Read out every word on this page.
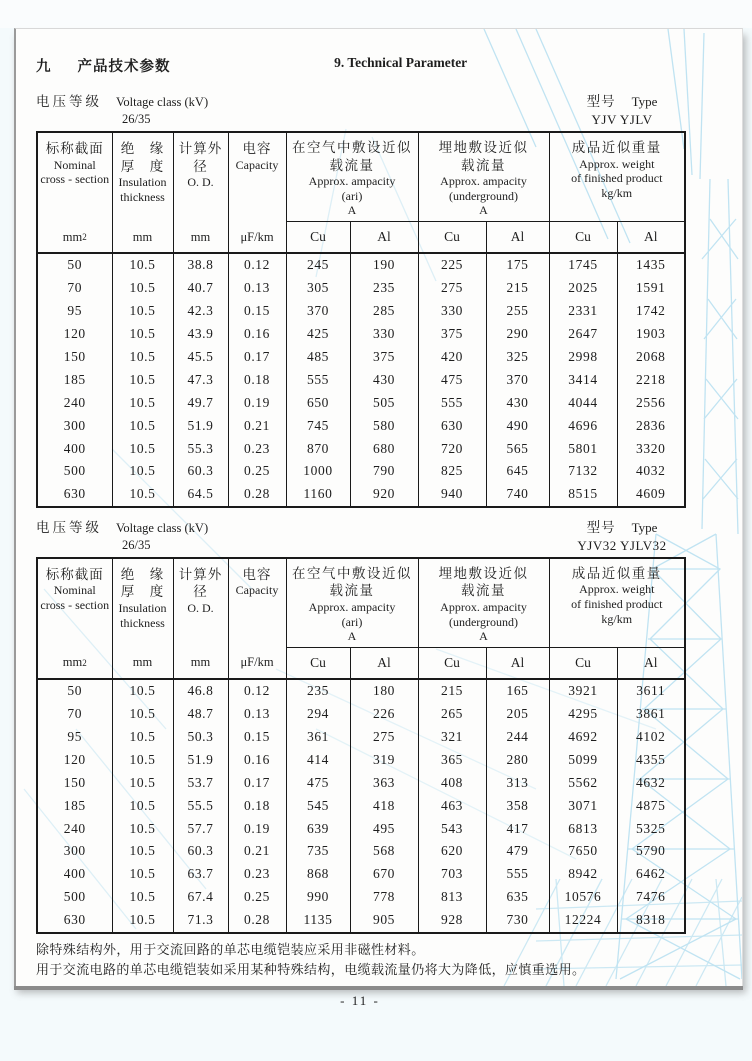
九 产品技术参数	9. Technical Parameter
电压等级 Voltage class (kV)
26/35
型号 Type
YJV YJLV
标称截面
Nominal
cross - section
mm 2

绝　缘
厚　度
Insulation
thickness
mm

计算外径
O. D.
mm

电容
Capacity
μF/km

在空气中敷设近似
载流量
Approx. ampacity
(ari)
A

埋地敷设近似
载流量
Approx. ampacity
(underground)
A

成品近似重量
Approx. weight
of finished product
kg/km

				Cu	Al	Cu	Al	Cu	Al
50	10.5	38.8	0.12	245	190	225	175	1745	1435
70	10.5	40.7	0.13	305	235	275	215	2025	1591
95	10.5	42.3	0.15	370	285	330	255	2331	1742
120	10.5	43.9	0.16	425	330	375	290	2647	1903
150	10.5	45.5	0.17	485	375	420	325	2998	2068
185	10.5	47.3	0.18	555	430	475	370	3414	2218
240	10.5	49.7	0.19	650	505	555	430	4044	2556
300	10.5	51.9	0.21	745	580	630	490	4696	2836
400	10.5	55.3	0.23	870	680	720	565	5801	3320
500	10.5	60.3	0.25	1000	790	825	645	7132	4032
630	10.5	64.5	0.28	1160	920	940	740	8515	4609
电压等级 Voltage class (kV)
26/35
型号 Type
YJV32 YJLV32
标称截面
Nominal
cross - section
mm 2

绝　缘
厚　度
Insulation
thickness
mm

计算外径
O. D.
mm

电容
Capacity
μF/km

在空气中敷设近似
载流量
Approx. ampacity
(ari)
A

埋地敷设近似
载流量
Approx. ampacity
(underground)
A

成品近似重量
Approx. weight
of finished product
kg/km

				Cu	Al	Cu	Al	Cu	Al
50	10.5	46.8	0.12	235	180	215	165	3921	3611
70	10.5	48.7	0.13	294	226	265	205	4295	3861
95	10.5	50.3	0.15	361	275	321	244	4692	4102
120	10.5	51.9	0.16	414	319	365	280	5099	4355
150	10.5	53.7	0.17	475	363	408	313	5562	4632
185	10.5	55.5	0.18	545	418	463	358	3071	4875
240	10.5	57.7	0.19	639	495	543	417	6813	5325
300	10.5	60.3	0.21	735	568	620	479	7650	5790
400	10.5	63.7	0.23	868	670	703	555	8942	6462
500	10.5	67.4	0.25	990	778	813	635	10576	7476
630	10.5	71.3	0.28	1135	905	928	730	12224	8318
除特殊结构外，用于交流回路的单芯电缆铠装应采用非磁性材料。
用于交流电路的单芯电缆铠装如采用某种特殊结构，电缆载流量仍将大为降低，应慎重选用。
- 11 -
